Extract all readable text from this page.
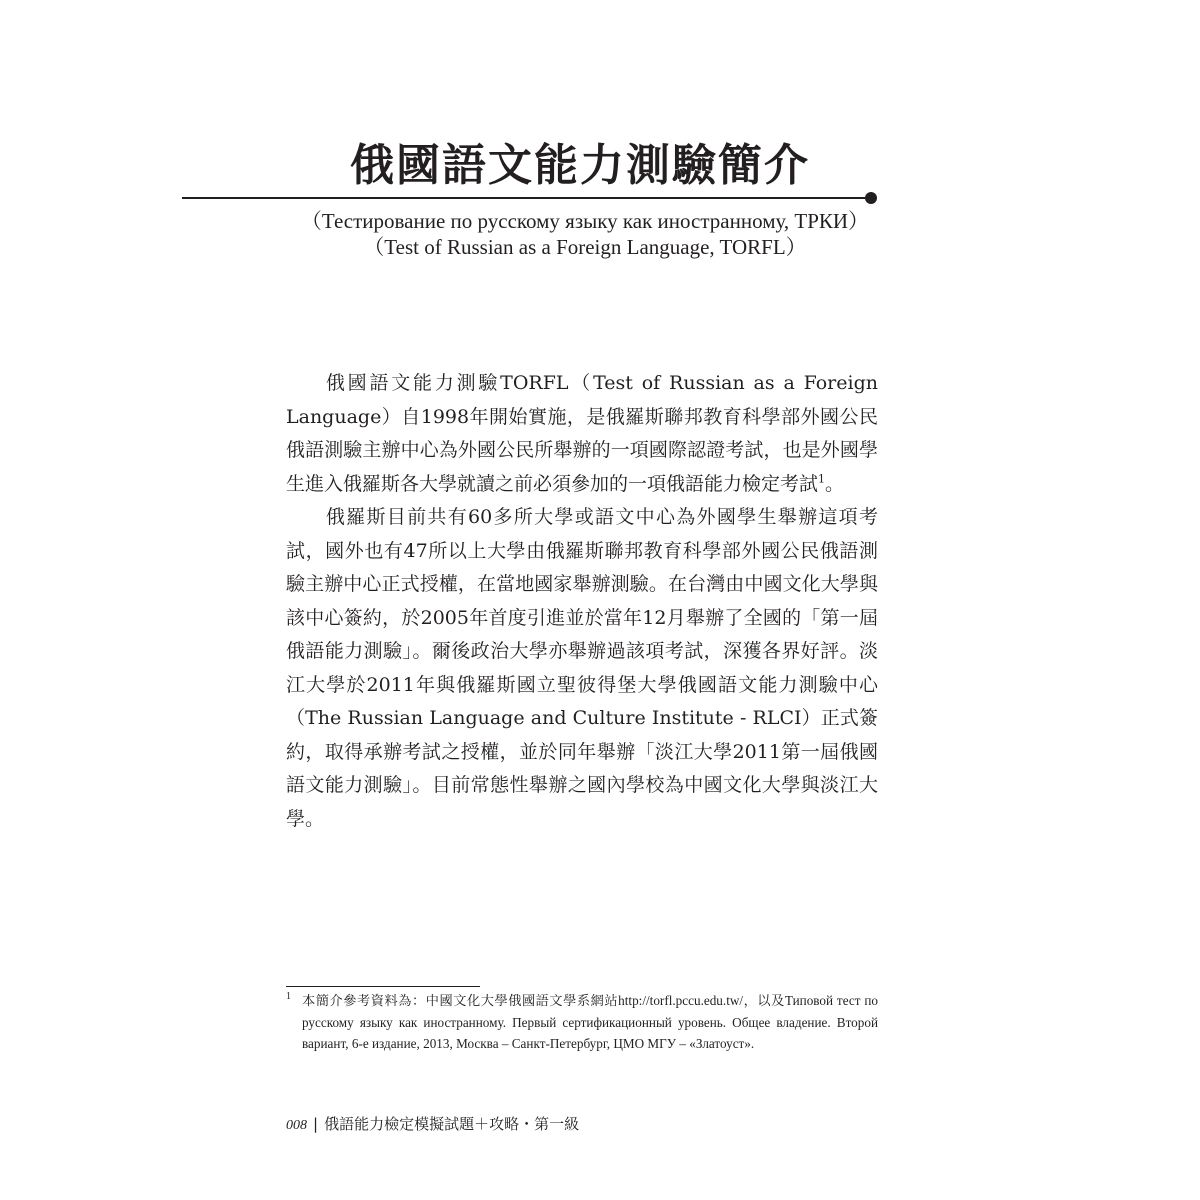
俄國語文能力測驗簡介
（Тестирование по русскому языку как иностранному, ТРКИ）
（Test of Russian as a Foreign Language, TORFL）

俄國語文能力測驗TORFL（Test of Russian as a Foreign Language）自1998年開始實施，是俄羅斯聯邦教育科學部外國公民俄語測驗主辦中心為外國公民所舉辦的一項國際認證考試，也是外國學生進入俄羅斯各大學就讀之前必須參加的一項俄語能力檢定考試$^1$。

俄羅斯目前共有60多所大學或語文中心為外國學生舉辦這項考試，國外也有47所以上大學由俄羅斯聯邦教育科學部外國公民俄語測驗主辦中心正式授權，在當地國家舉辦測驗。在台灣由中國文化大學與該中心簽約，於2005年首度引進並於當年12月舉辦了全國的「第一屆俄語能力測驗」。爾後政治大學亦舉辦過該項考試，深獲各界好評。淡江大學於2011年與俄羅斯國立聖彼得堡大學俄國語文能力測驗中心（The Russian Language and Culture Institute - RLCI）正式簽約，取得承辦考試之授權，並於同年舉辦「淡江大學2011第一屆俄國語文能力測驗」。目前常態性舉辦之國內學校為中國文化大學與淡江大學。

1 本簡介參考資料為：中國文化大學俄國語文學系網站http://torfl.pccu.edu.tw/，以及Типовой тест по русскому языку как иностранному. Первый сертификационный уровень. Общее владение. Второй вариант, 6-е издание, 2013, Москва – Санкт-Петербург, ЦМО МГУ – «Златоуст».
008 | 俄語能力檢定模擬試題＋攻略・第一級
